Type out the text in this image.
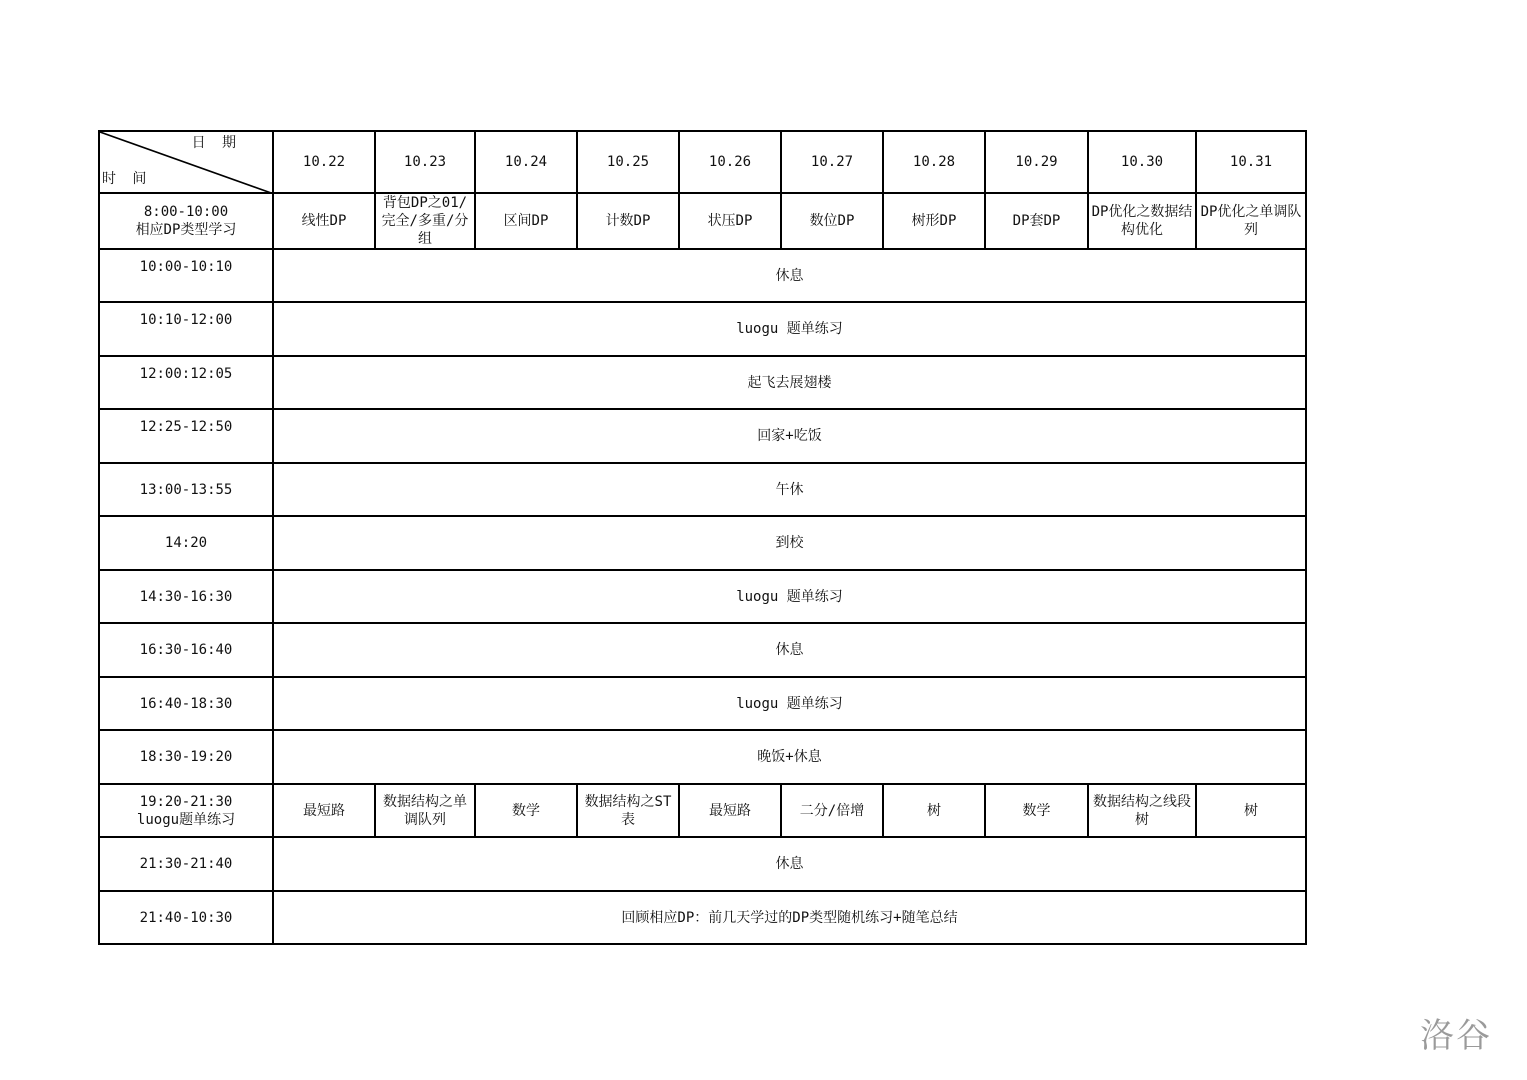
日 期
时 间	10.22	10.23	10.24	10.25	10.26	10.27	10.28	10.29	10.30	10.31

8:00-10:00
相应DP类型学习	线性DP	背包DP之01/完全/多重/分组	区间DP	计数DP	状压DP	数位DP	树形DP	DP套DP	DP优化之数据结构优化	DP优化之单调队列
10:00-10:10	休息									
10:10-12:00	luogu 题单练习									
12:00:12:05	起飞去展翅楼									
12:25-12:50	回家+吃饭									
13:00-13:55	午休									
14:20	到校									
14:30-16:30	luogu 题单练习									
16:30-16:40	休息									
16:40-18:30	luogu 题单练习									
18:30-19:20	晚饭+休息									

19:20-21:30
luogu题单练习	最短路	数据结构之单调队列	数学	数据结构之ST表	最短路	二分/倍增	树	数学	数据结构之线段树	树
21:30-21:40	休息									
21:40-10:30	回顾相应DP：前几天学过的DP类型随机练习+随笔总结									
洛谷
